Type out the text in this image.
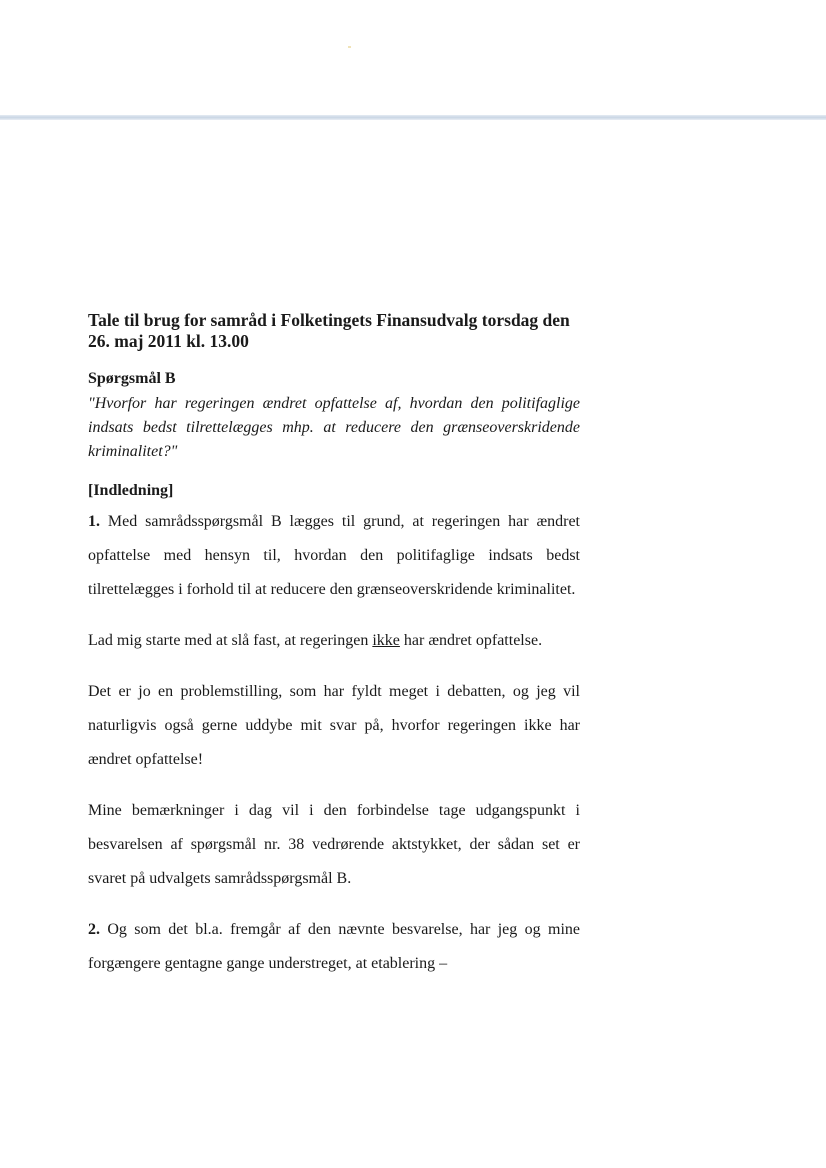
Tale til brug for samråd i Folketingets Finansudvalg torsdag den 26. maj 2011 kl. 13.00
Spørgsmål B
"Hvorfor har regeringen ændret opfattelse af, hvordan den politifaglige indsats bedst tilrettelægges mhp. at reducere den grænseoverskridende kriminalitet?"
[Indledning]

1. Med samrådsspørgsmål B lægges til grund, at regeringen har ændret opfattelse med hensyn til, hvordan den politifaglige indsats bedst tilrettelægges i forhold til at reducere den grænseoverskridende kriminalitet.

Lad mig starte med at slå fast, at regeringen ikke har ændret opfattelse.

Det er jo en problemstilling, som har fyldt meget i debatten, og jeg vil naturligvis også gerne uddybe mit svar på, hvorfor regeringen ikke har ændret opfattelse!

Mine bemærkninger i dag vil i den forbindelse tage udgangspunkt i besvarelsen af spørgsmål nr. 38 vedrørende aktstykket, der sådan set er svaret på udvalgets samrådsspørgsmål B.

2. Og som det bl.a. fremgår af den nævnte besvarelse, har jeg og mine forgængere gentagne gange understreget, at etablering –
